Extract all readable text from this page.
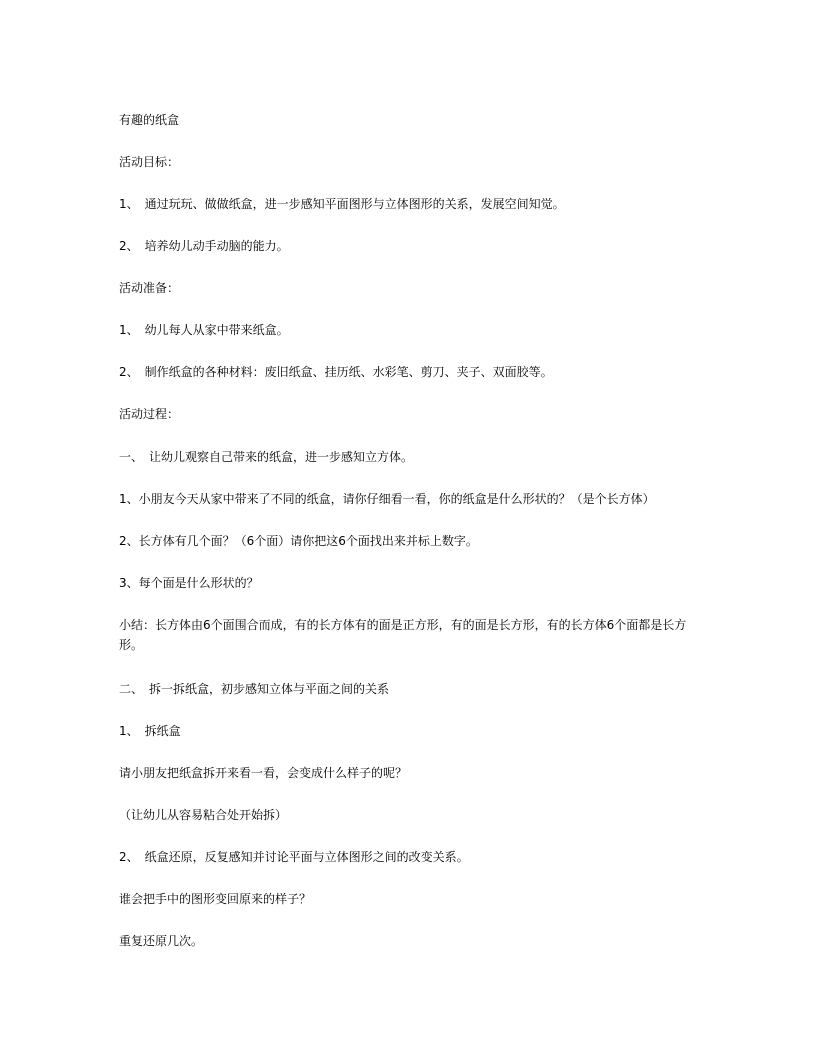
有趣的纸盒

活动目标：

1、　通过玩玩、做做纸盒，进一步感知平面图形与立体图形的关系，发展空间知觉。

2、　培养幼儿动手动脑的能力。

活动准备：

1、　幼儿每人从家中带来纸盒。

2、　制作纸盒的各种材料：废旧纸盒、挂历纸、水彩笔、剪刀、夹子、双面胶等。

活动过程：

一、　让幼儿观察自己带来的纸盒，进一步感知立方体。

1、小朋友今天从家中带来了不同的纸盒，请你仔细看一看，你的纸盒是什么形状的？（是个长方体）

2、长方体有几个面？（6个面）请你把这6个面找出来并标上数字。

3、每个面是什么形状的？

小结：长方体由6个面围合而成，有的长方体有的面是正方形，有的面是长方形，有的长方体6个面都是长方形。

二、　拆一拆纸盒，初步感知立体与平面之间的关系

1、　拆纸盒

请小朋友把纸盒拆开来看一看，会变成什么样子的呢？

（让幼儿从容易粘合处开始拆）

2、　纸盒还原，反复感知并讨论平面与立体图形之间的改变关系。

谁会把手中的图形变回原来的样子？

重复还原几次。
